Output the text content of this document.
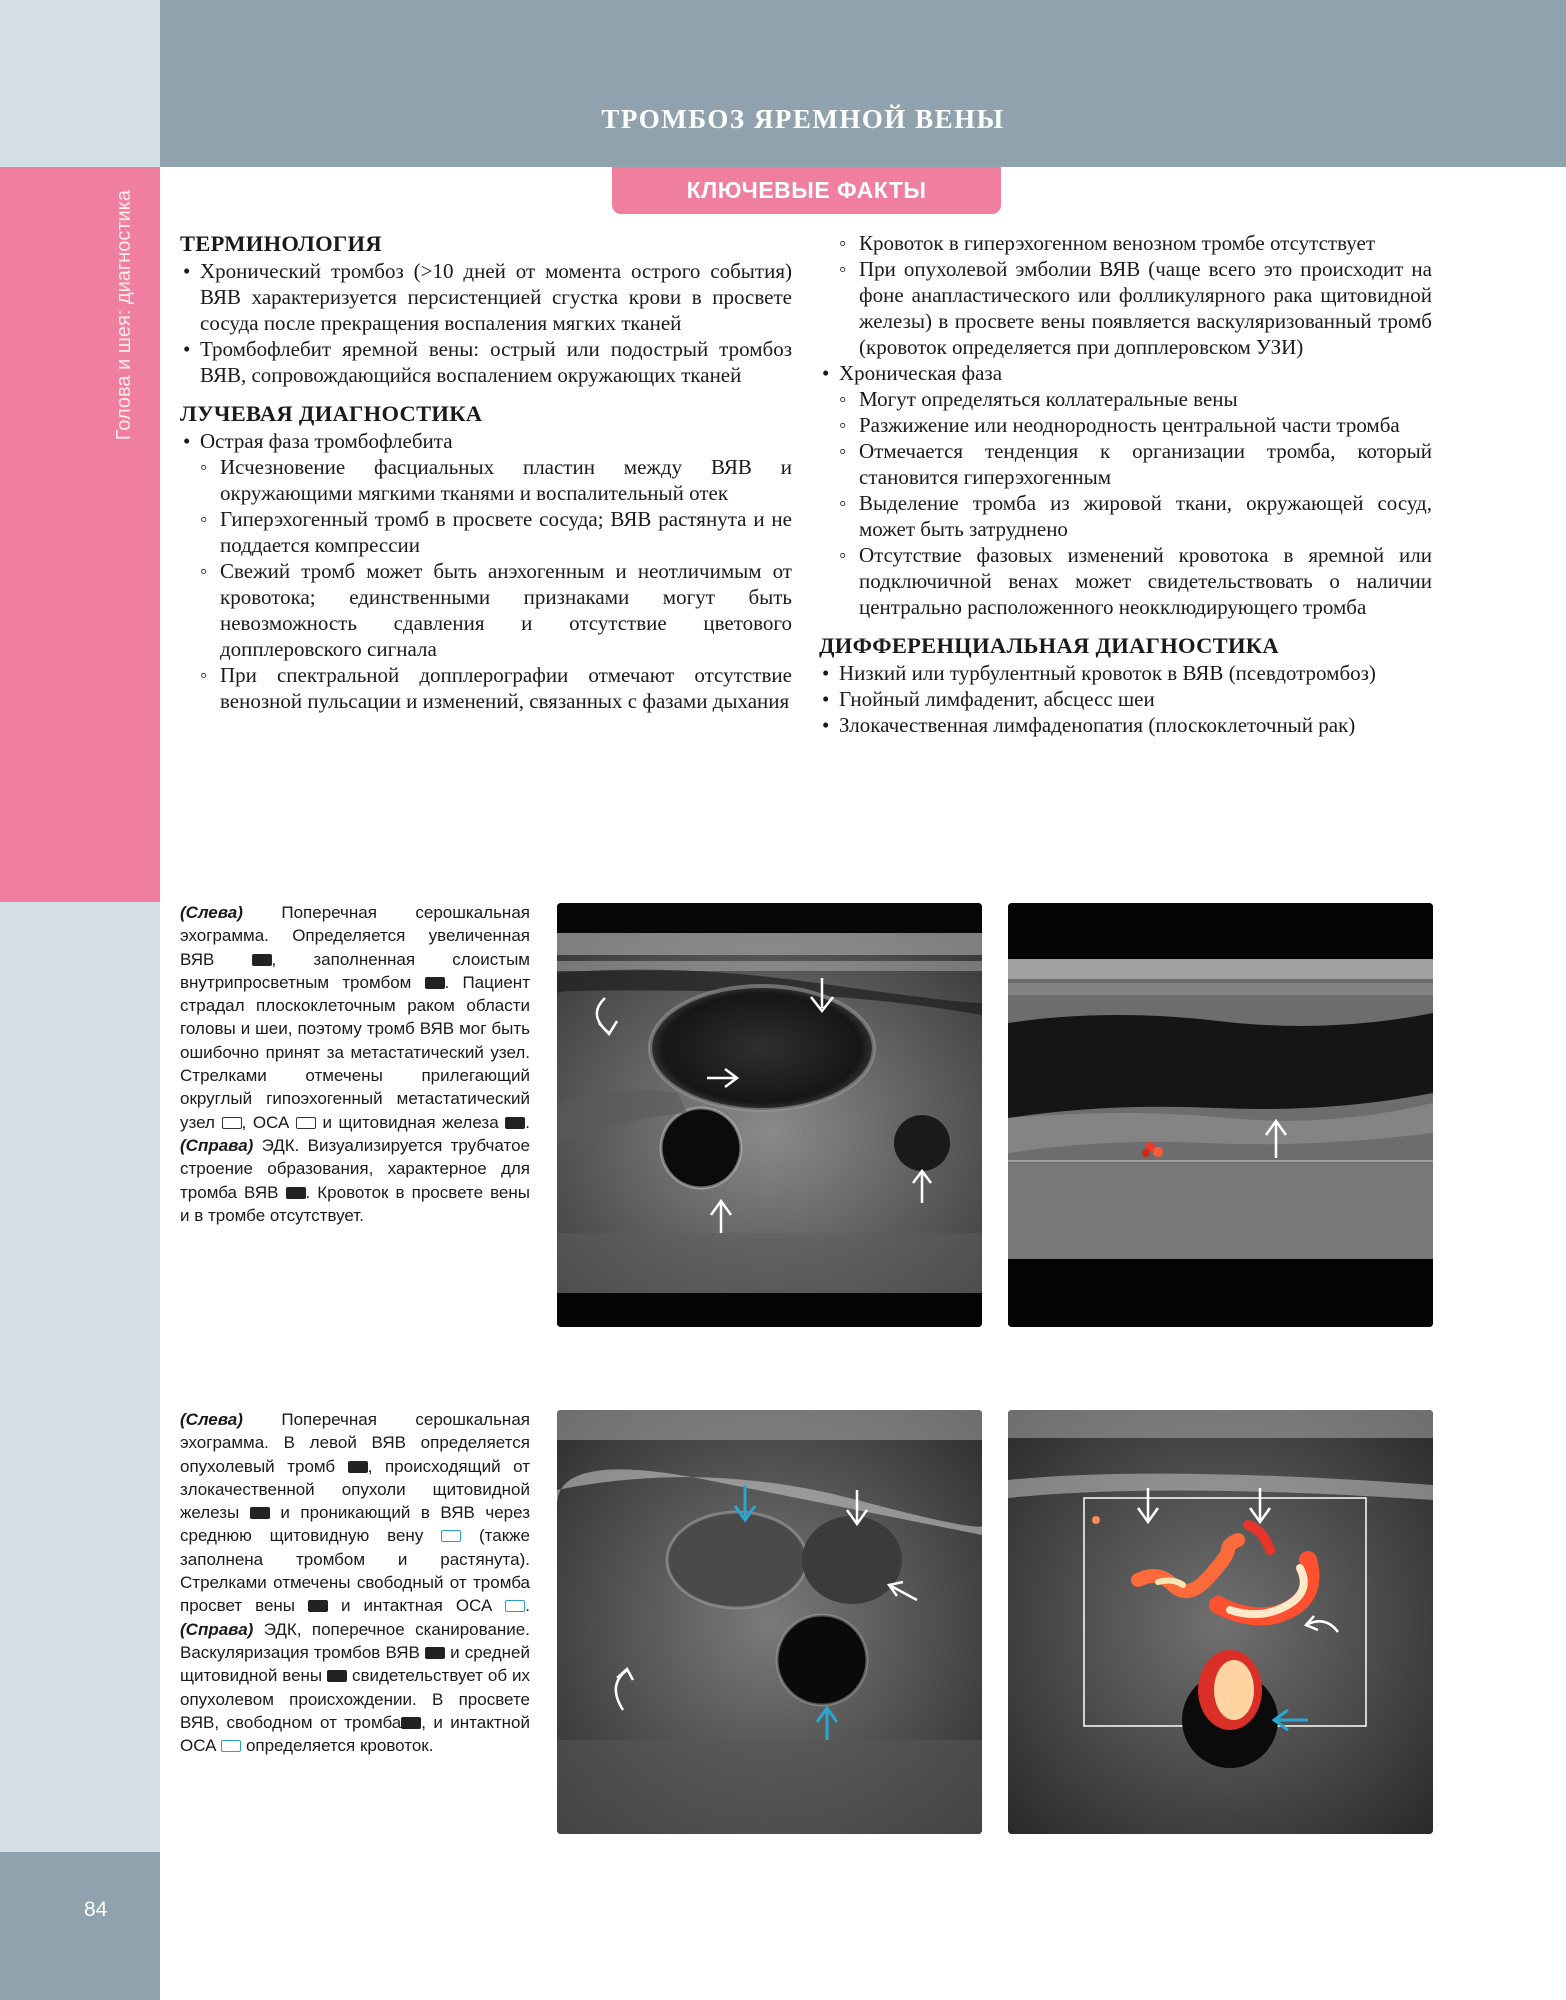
Голова и шея: диагностика
84
ТРОМБОЗ ЯРЕМНОЙ ВЕНЫ
КЛЮЧЕВЫЕ ФАКТЫ
ТЕРМИНОЛОГИЯ
• Хронический тромбоз (>10 дней от момента острого события) ВЯВ характеризуется персистенцией сгустка крови в просвете сосуда после прекращения воспаления мягких тканей
• Тромбофлебит яремной вены: острый или подострый тромбоз ВЯВ, сопровождающийся воспалением окружающих тканей
ЛУЧЕВАЯ ДИАГНОСТИКА
• Острая фаза тромбофлебита
◦ Исчезновение фасциальных пластин между ВЯВ и окружающими мягкими тканями и воспалительный отек
◦ Гиперэхогенный тромб в просвете сосуда; ВЯВ растянута и не поддается компрессии
◦ Свежий тромб может быть анэхогенным и неотличимым от кровотока; единственными признаками могут быть невозможность сдавления и отсутствие цветового допплеровского сигнала
◦ При спектральной допплерографии отмечают отсутствие венозной пульсации и изменений, связанных с фазами дыхания
◦ Кровоток в гиперэхогенном венозном тромбе отсутствует
◦ При опухолевой эмболии ВЯВ (чаще всего это происходит на фоне анапластического или фолликулярного рака щитовидной железы) в просвете вены появляется васкуляризованный тромб (кровоток определяется при допплеровском УЗИ)
• Хроническая фаза
◦ Могут определяться коллатеральные вены
◦ Разжижение или неоднородность центральной части тромба
◦ Отмечается тенденция к организации тромба, который становится гиперэхогенным
◦ Выделение тромба из жировой ткани, окружающей сосуд, может быть затруднено
◦ Отсутствие фазовых изменений кровотока в яремной или подключичной венах может свидетельствовать о наличии центрально расположенного неокклюдирующего тромба
ДИФФЕРЕНЦИАЛЬНАЯ ДИАГНОСТИКА
• Низкий или турбулентный кровоток в ВЯВ (псевдотромбоз)
• Гнойный лимфаденит, абсцесс шеи
• Злокачественная лимфаденопатия (плоскоклеточный рак)
(Слева) Поперечная серошкальная эхограмма. Определяется увеличенная ВЯВ	, заполненная слоистым внутрипросветным тромбом . Пациент страдал плоскоклеточным раком области головы и шеи, поэтому тромб ВЯВ мог быть ошибочно принят за метастатический узел. Стрелками отмечены прилегающий округлый гипоэхогенный метастатический узел , ОСА и щитовидная железа . (Справа) ЭДК. Визуализируется трубчатое строение образования, характерное для тромба ВЯВ . Кровоток в просвете вены и в тромбе отсутствует.
(Слева) Поперечная серошкальная эхограмма. В левой ВЯВ определяется опухолевый тромб , происходящий от злокачественной опухоли щитовидной железы и проникающий в ВЯВ через среднюю щитовидную вену	(также заполнена тромбом и растянута). Стрелками отмечены свободный от тромба просвет вены	и интактная ОСА . (Справа) ЭДК, поперечное сканирование. Васкуляризация тромбов ВЯВ и средней щитовидной вены свидетельствует об их опухолевом происхождении. В просвете ВЯВ, свободном от тромба , и интактной ОСА определяется кровоток.
